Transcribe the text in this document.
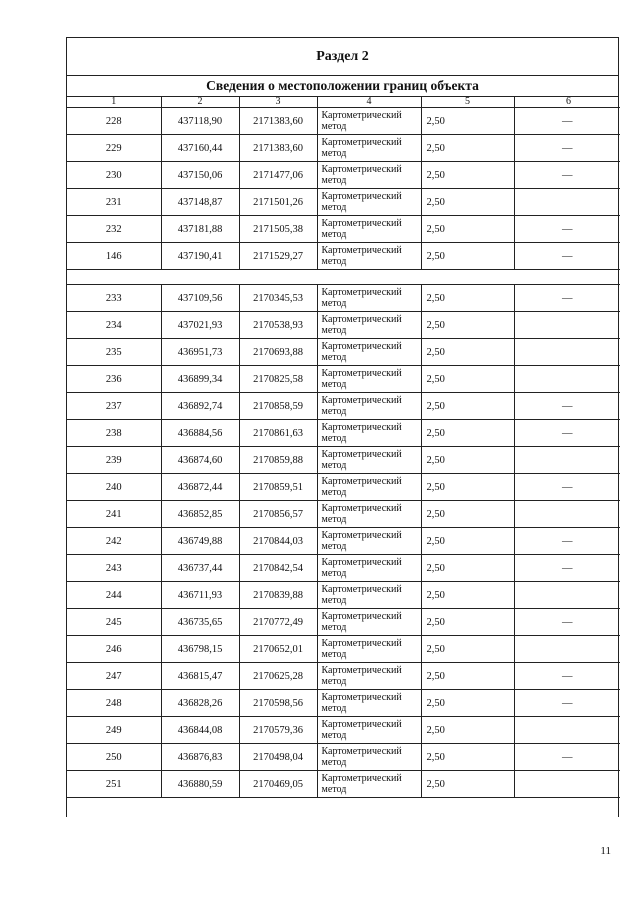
Раздел 2
Сведения о местоположении границ объекта
1	2	3	4	5	6
228	437118,90	2171383,60	Картометрический метод	2,50	—
229	437160,44	2171383,60	Картометрический метод	2,50	—
230	437150,06	2171477,06	Картометрический метод	2,50	—
231	437148,87	2171501,26	Картометрический метод	2,50	
232	437181,88	2171505,38	Картометрический метод	2,50	—
146	437190,41	2171529,27	Картометрический метод	2,50	—

233	437109,56	2170345,53	Картометрический метод	2,50	—
234	437021,93	2170538,93	Картометрический метод	2,50	
235	436951,73	2170693,88	Картометрический метод	2,50	
236	436899,34	2170825,58	Картометрический метод	2,50	
237	436892,74	2170858,59	Картометрический метод	2,50	—
238	436884,56	2170861,63	Картометрический метод	2,50	—
239	436874,60	2170859,88	Картометрический метод	2,50	
240	436872,44	2170859,51	Картометрический метод	2,50	—
241	436852,85	2170856,57	Картометрический метод	2,50	
242	436749,88	2170844,03	Картометрический метод	2,50	—
243	436737,44	2170842,54	Картометрический метод	2,50	—
244	436711,93	2170839,88	Картометрический метод	2,50	
245	436735,65	2170772,49	Картометрический метод	2,50	—
246	436798,15	2170652,01	Картометрический метод	2,50	
247	436815,47	2170625,28	Картометрический метод	2,50	—
248	436828,26	2170598,56	Картометрический метод	2,50	—
249	436844,08	2170579,36	Картометрический метод	2,50	
250	436876,83	2170498,04	Картометрический метод	2,50	—
251	436880,59	2170469,05	Картометрический метод	2,50	
11
